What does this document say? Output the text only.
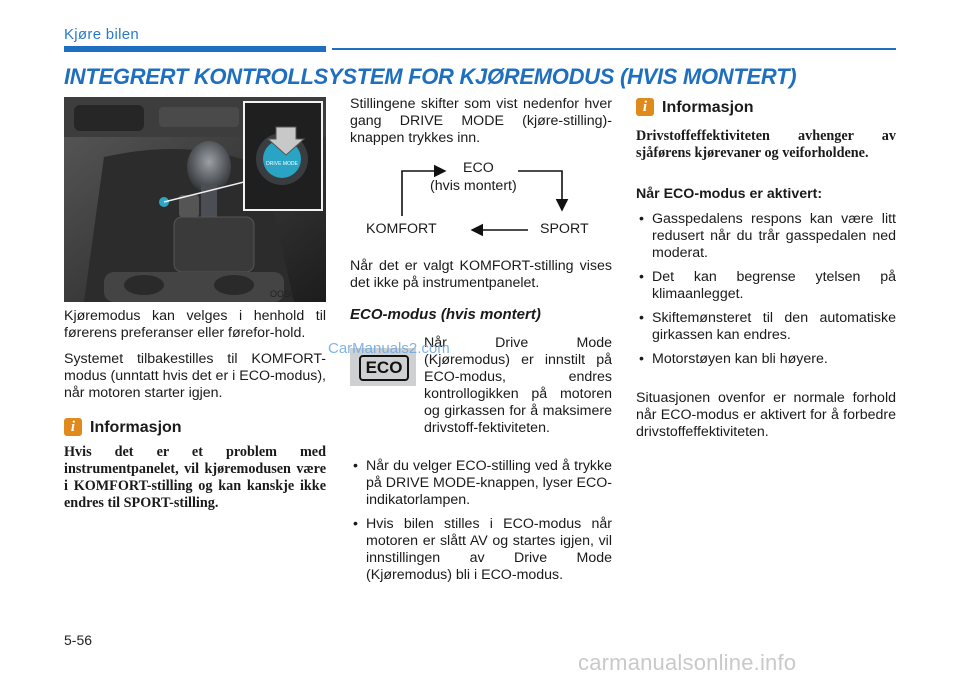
Kjøre bilen
INTEGRERT KONTROLLSYSTEM FOR KJØREMODUS (HVIS MONTERT)
DRIVE MODE
OOS057060

Kjøremodus kan velges i henhold til førerens preferanser eller førefor-hold.

Systemet tilbakestilles til KOMFORT-modus (unntatt hvis det er i ECO-modus), når motoren starter igjen.

i Informasjon
Hvis det er et problem med instrumentpanelet, vil kjøremodusen være i KOMFORT-stilling og kan kanskje ikke endres til SPORT-stilling.

Stillingene skifter som vist nedenfor hver gang DRIVE MODE (kjøre-stilling)-knappen trykkes inn.

ECO
(hvis montert)
KOMFORT	SPORT

Når det er valgt KOMFORT-stilling vises det ikke på instrumentpanelet.

ECO-modus (hvis montert)
ECO

Når Drive Mode (Kjøremodus) er innstilt på ECO-modus, endres kontrollogikken på motoren og girkassen for å maksimere drivstoff-fektiviteten.

• Når du velger ECO-stilling ved å trykke på DRIVE MODE-knappen, lyser ECO-indikatorlampen.
• Hvis bilen stilles i ECO-modus når motoren er slått AV og startes igjen, vil innstillingen av Drive Mode (Kjøremodus) bli i ECO-modus.
i Informasjon
Drivstoffeffektiviteten avhenger av sjåførens kjørevaner og veiforholdene.
Når ECO-modus er aktivert:
• Gasspedalens respons kan være litt redusert når du trår gasspedalen ned moderat.
• Det kan begrense ytelsen på klimaanlegget.
• Skiftemønsteret til den automatiske girkassen kan endres.
• Motorstøyen kan bli høyere.

Situasjonen ovenfor er normale forhold når ECO-modus er aktivert for å forbedre drivstoffeffektiviteten.

CarManuals2.com
5-56
carmanualsonline.info
